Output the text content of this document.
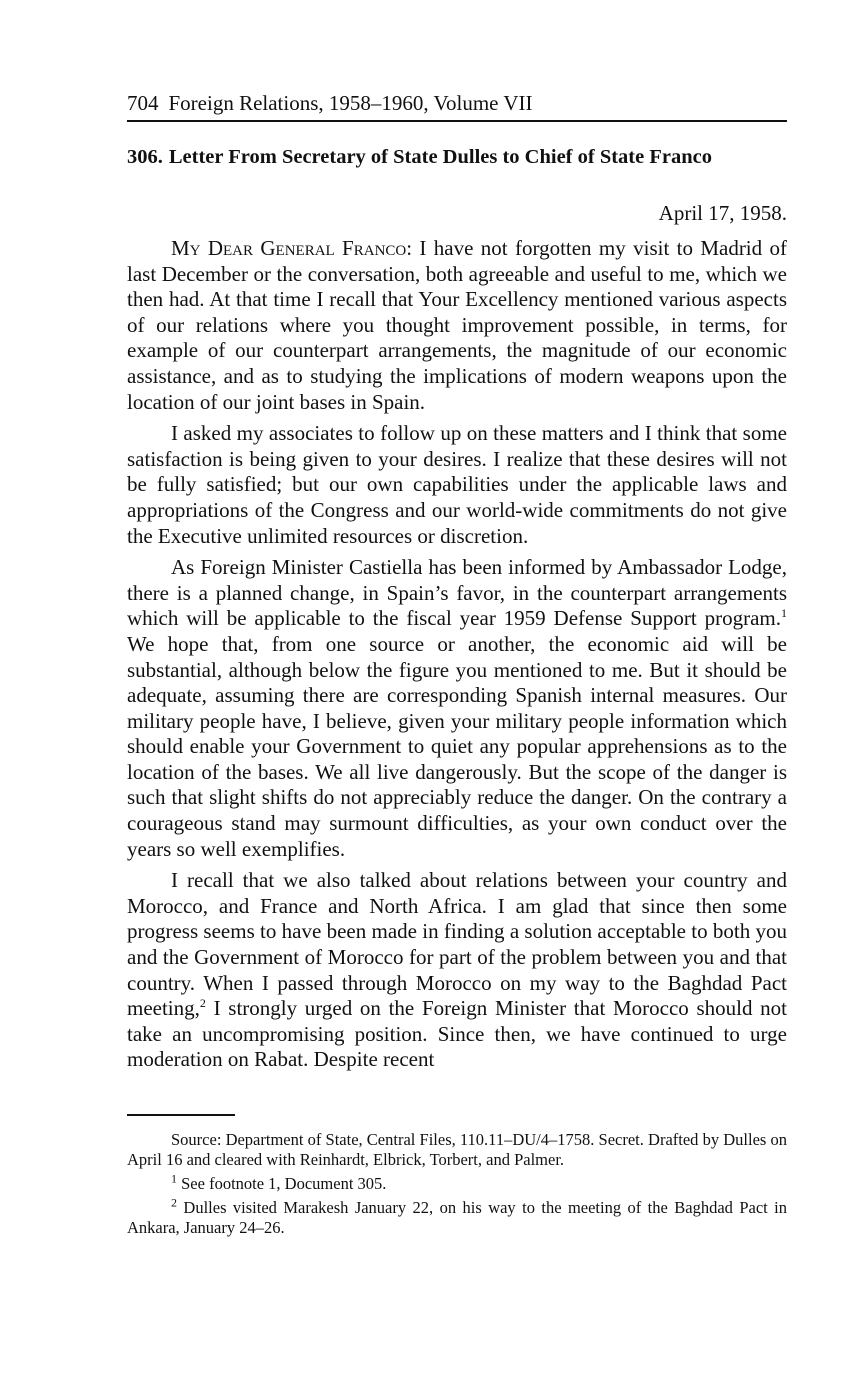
704 Foreign Relations, 1958–1960, Volume VII
306. Letter From Secretary of State Dulles to Chief of State Franco
April 17, 1958.

My Dear General Franco: I have not forgotten my visit to Madrid of last December or the conversation, both agreeable and useful to me, which we then had. At that time I recall that Your Excellency mentioned various aspects of our relations where you thought improvement possible, in terms, for example of our counterpart arrangements, the magnitude of our economic assistance, and as to studying the implications of modern weapons upon the location of our joint bases in Spain.

I asked my associates to follow up on these matters and I think that some satisfaction is being given to your desires. I realize that these desires will not be fully satisfied; but our own capabilities under the applicable laws and appropriations of the Congress and our world-wide commitments do not give the Executive unlimited resources or discretion.

As Foreign Minister Castiella has been informed by Ambassador Lodge, there is a planned change, in Spain’s favor, in the counterpart arrangements which will be applicable to the fiscal year 1959 Defense Support program.$^1$ We hope that, from one source or another, the economic aid will be substantial, although below the figure you mentioned to me. But it should be adequate, assuming there are corresponding Spanish internal measures. Our military people have, I believe, given your military people information which should enable your Government to quiet any popular apprehensions as to the location of the bases. We all live dangerously. But the scope of the danger is such that slight shifts do not appreciably reduce the danger. On the contrary a courageous stand may surmount difficulties, as your own conduct over the years so well exemplifies.

I recall that we also talked about relations between your country and Morocco, and France and North Africa. I am glad that since then some progress seems to have been made in finding a solution acceptable to both you and the Government of Morocco for part of the problem between you and that country. When I passed through Morocco on my way to the Baghdad Pact meeting,$^2$ I strongly urged on the Foreign Minister that Morocco should not take an uncompromising position. Since then, we have continued to urge moderation on Rabat. Despite recent

Source: Department of State, Central Files, 110.11–DU/4–1758. Secret. Drafted by Dulles on April 16 and cleared with Reinhardt, Elbrick, Torbert, and Palmer.

$^1$ See footnote 1, Document 305.

$^2$ Dulles visited Marakesh January 22, on his way to the meeting of the Baghdad Pact in Ankara, January 24–26.
